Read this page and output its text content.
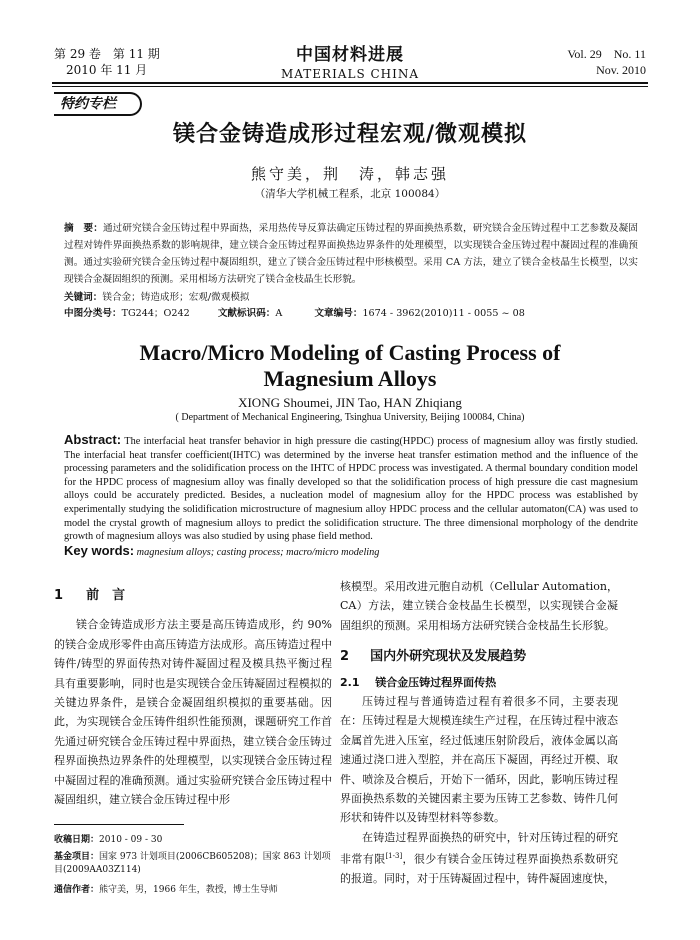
第 29 卷　第 11 期
2010 年 11 月
中国材料进展
MATERIALS CHINA
Vol. 29　No. 11
Nov. 2010
特约专栏
镁合金铸造成形过程宏观/微观模拟
熊守美，荆　涛，韩志强
（清华大学机械工程系，北京 100084）
摘　要：通过研究镁合金压铸过程中界面热，采用热传导反算法确定压铸过程的界面换热系数，研究镁合金压铸过程中工艺参数及凝固过程对铸件界面换热系数的影响规律，建立镁合金压铸过程界面换热边界条件的处理模型，以实现镁合金压铸过程中凝固过程的准确预测。通过实验研究镁合金压铸过程中凝固组织，建立了镁合金压铸过程中形核模型。采用 CA 方法，建立了镁合金枝晶生长模型，以实现镁合金凝固组织的预测。采用相场方法研究了镁合金枝晶生长形貌。
关键词：镁合金；铸造成形；宏观/微观模拟
中图分类号：TG244；O242	文献标识码：A	文章编号：1674 - 3962(2010)11 - 0055 ~ 08
Macro/Micro Modeling of Casting Process of
Magnesium Alloys
XIONG Shoumei, JIN Tao, HAN Zhiqiang
( Department of Mechanical Engineering, Tsinghua University, Beijing 100084, China)
Abstract: The interfacial heat transfer behavior in high pressure die casting(HPDC) process of magnesium alloy was firstly studied. The interfacial heat transfer coefficient(IHTC) was determined by the inverse heat transfer estimation method and the influence of the processing parameters and the solidification process on the IHTC of HPDC process was investigated. A thermal boundary condition model for the HPDC process of magnesium alloy was finally developed so that the solidification process of high pressure die cast magnesium alloys could be accurately predicted. Besides, a nucleation model of magnesium alloy for the HPDC process was established by experimentally studying the solidification microstructure of magnesium alloy HPDC process and the cellular automaton(CA) was used to model the crystal growth of magnesium alloys to predict the solidification structure. The three dimensional morphology of the dendrite growth of magnesium alloys was also studied by using phase field method.
Key words: magnesium alloys; casting process; macro/micro modeling
1 前　言

镁合金铸造成形方法主要是高压铸造成形，约 90% 的镁合金成形零件由高压铸造方法成形。高压铸造过程中铸件/铸型的界面传热对铸件凝固过程及模具热平衡过程具有重要影响，同时也是实现镁合金压铸凝固过程模拟的关键边界条件，是镁合金凝固组织模拟的重要基础。因此，为实现镁合金压铸件组织性能预测，课题研究工作首先通过研究镁合金压铸过程中界面热，建立镁合金压铸过程界面换热边界条件的处理模型，以实现镁合金压铸过程中凝固过程的准确预测。通过实验研究镁合金压铸过程中凝固组织，建立镁合金压铸过程中形

收稿日期：2010 - 09 - 30
基金项目：国家 973 计划项目(2006CB605208)；国家 863 计划项目(2009AA03Z114)
通信作者：熊守美，男，1966 年生，教授，博士生导师
核模型。采用改进元胞自动机（Cellular Automation，CA）方法，建立镁合金枝晶生长模型，以实现镁合金凝固组织的预测。采用相场方法研究镁合金枝晶生长形貌。
2 国内外研究现状及发展趋势
2.1 镁合金压铸过程界面传热

压铸过程与普通铸造过程有着很多不同，主要表现在：压铸过程是大规模连续生产过程，在压铸过程中液态金属首先进入压室，经过低速压射阶段后，液体金属以高速通过浇口进入型腔，并在高压下凝固，再经过开模、取件、喷涂及合模后，开始下一循环，因此，影响压铸过程界面换热系数的关键因素主要为压铸工艺参数、铸件几何形状和铸件以及铸型材料等参数。

在铸造过程界面换热的研究中，针对压铸过程的研究非常有限[1-3]，很少有镁合金压铸过程界面换热系数研究的报道。同时，对于压铸凝固过程中，铸件凝固速度快，
